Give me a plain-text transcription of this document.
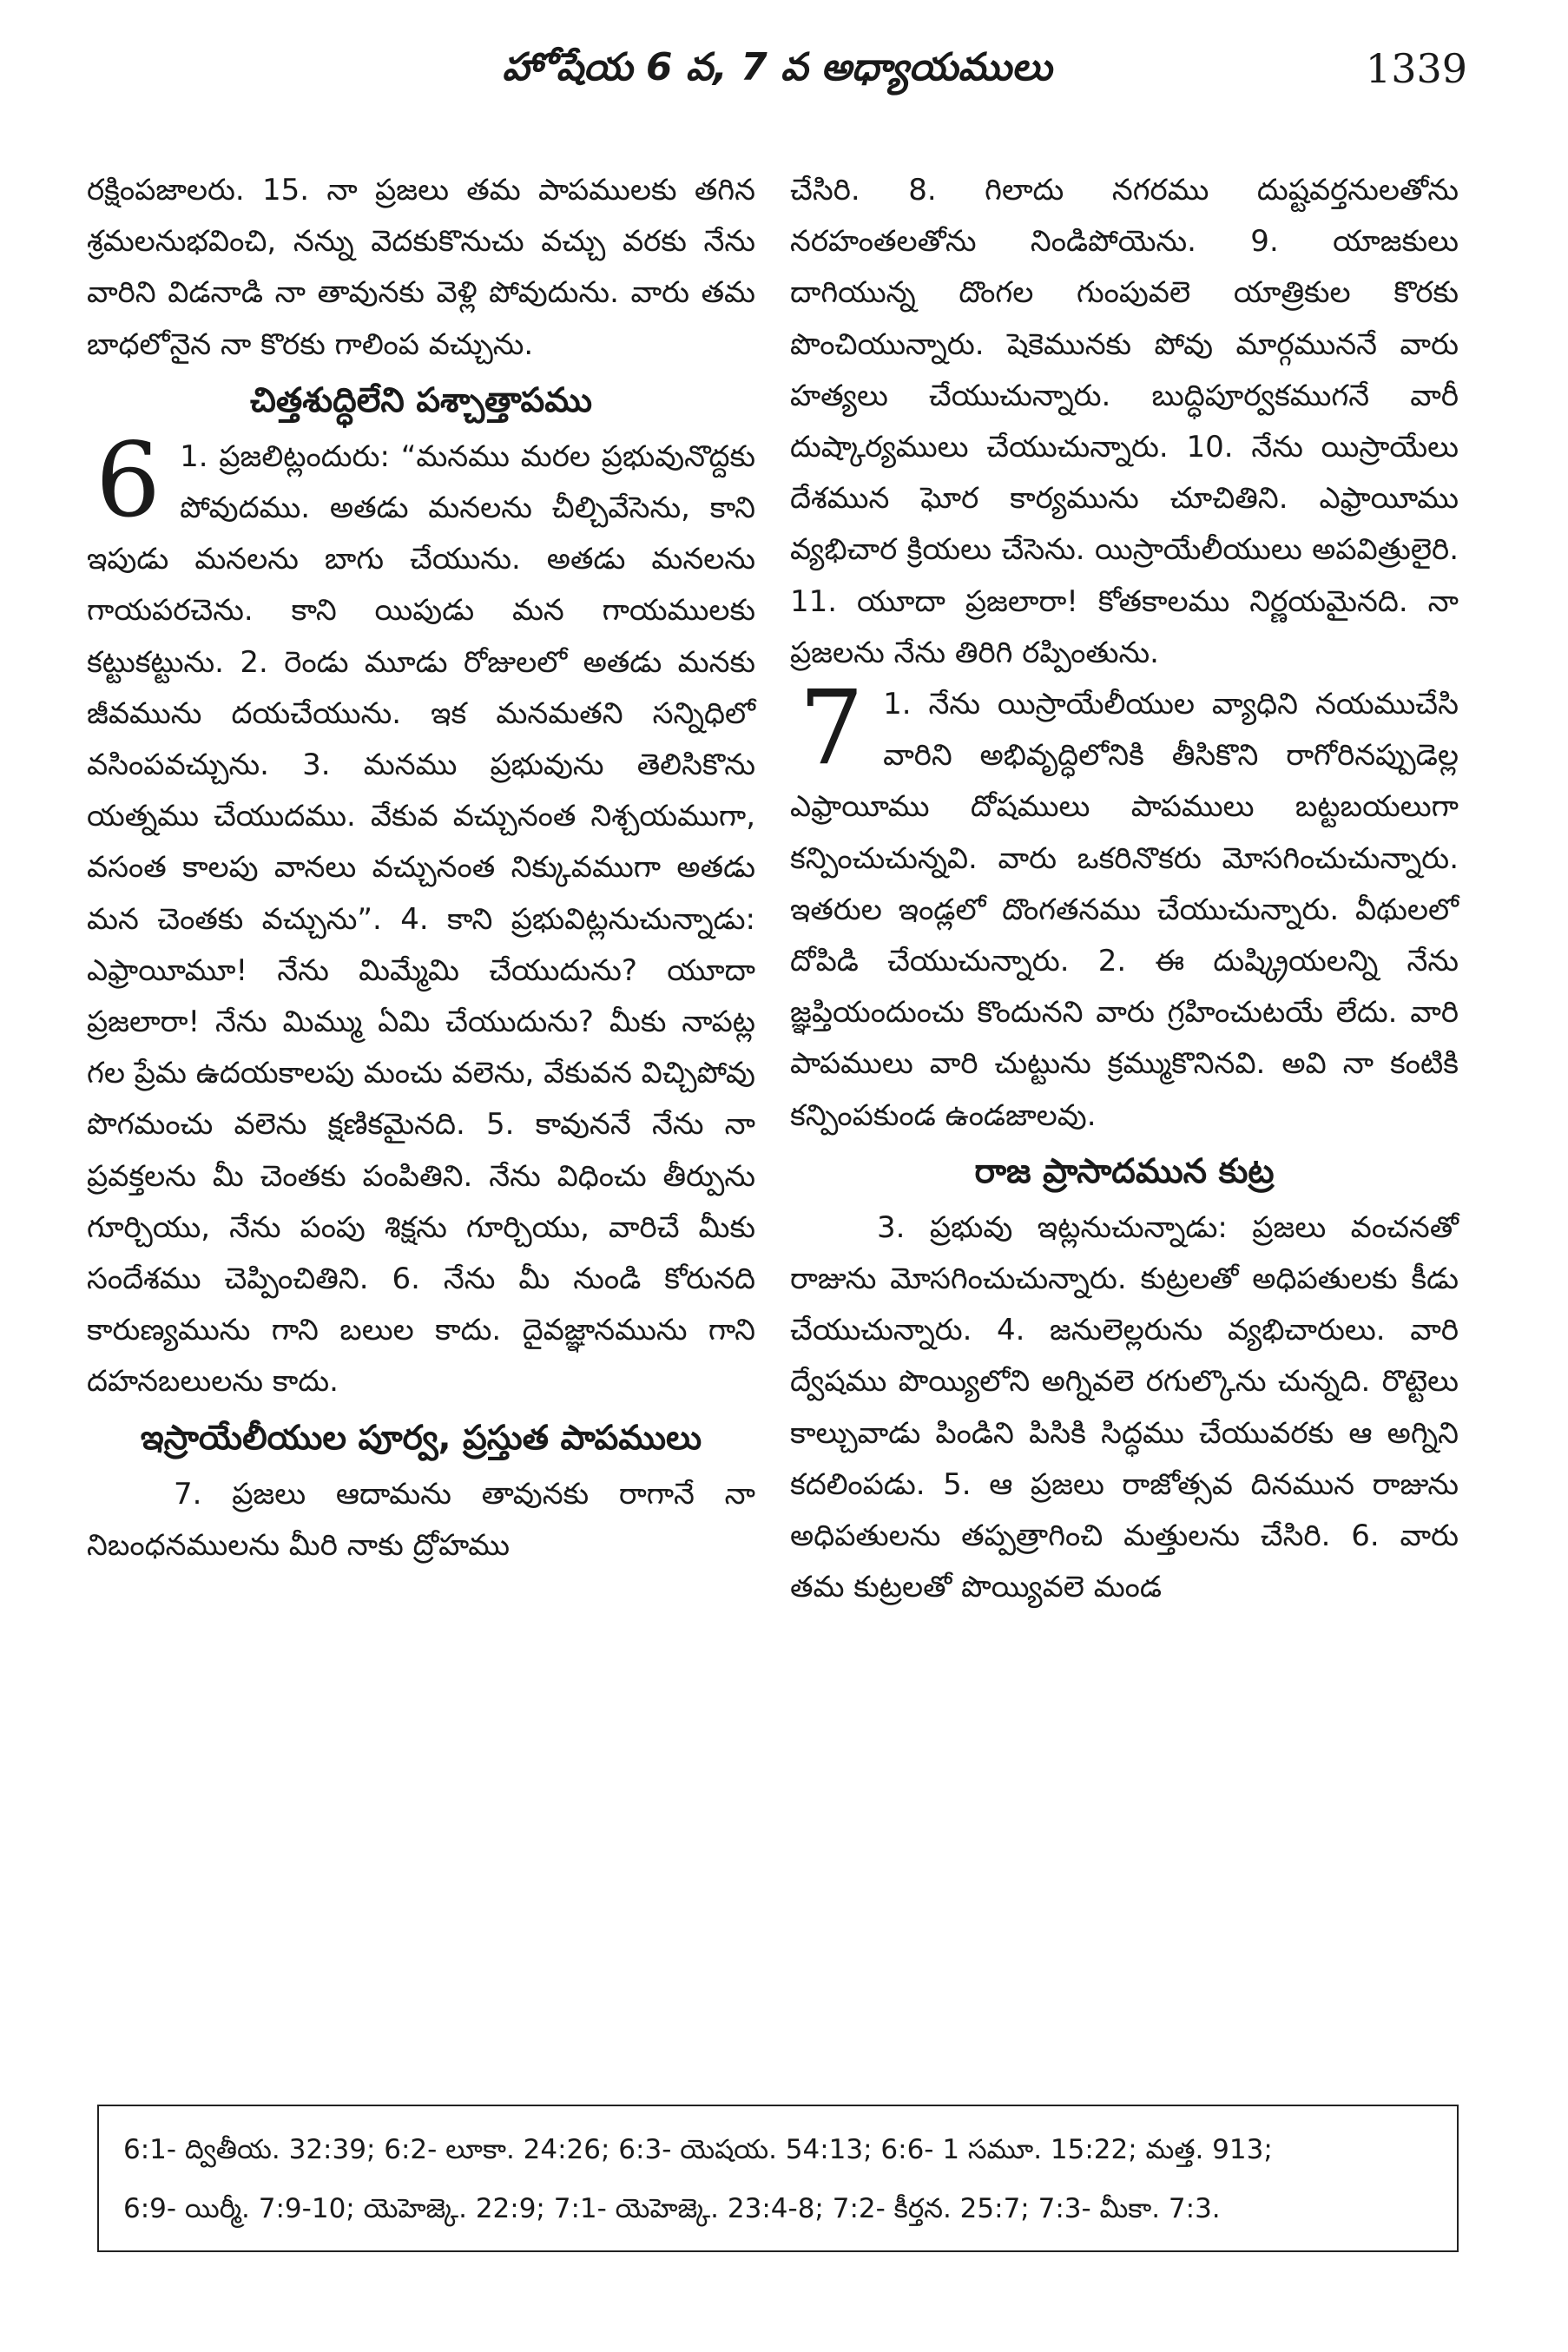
హోషేయ 6 వ, 7 వ అధ్యాయములు	1339

రక్షింపజాలరు. 15. నా ప్రజలు తమ పాపములకు తగిన శ్రమలనుభవించి, నన్ను వెదకుకొనుచు వచ్చు వరకు నేను వారిని విడనాడి నా తావునకు వెళ్లి పోవుదును. వారు తమ బాధలోనైన నా కొరకు గాలింప వచ్చును.

చిత్తశుద్ధిలేని పశ్చాత్తాపము
6 1. ప్రజలిట్లందురు: “మనము మరల ప్రభువునొద్దకు పోవుదము. అతడు మనలను చీల్చివేసెను, కాని ఇపుడు మనలను బాగు చేయును. అతడు మనలను గాయపరచెను. కాని యిపుడు మన గాయములకు కట్టుకట్టును. 2. రెండు మూడు రోజులలో అతడు మనకు జీవమును దయచేయును. ఇక మనమతని సన్నిధిలో వసింపవచ్చును. 3. మనము ప్రభువును తెలిసికొను యత్నము చేయుదము. వేకువ వచ్చునంత నిశ్చయముగా, వసంత కాలపు వానలు వచ్చునంత నిక్కువముగా అతడు మన చెంతకు వచ్చును”. 4. కాని ప్రభువిట్లనుచున్నాడు: ఎఫ్రాయీమూ! నేను మిమ్మేమి చేయుదును? యూదా ప్రజలారా! నేను మిమ్ము ఏమి చేయుదును? మీకు నాపట్ల గల ప్రేమ ఉదయకాలపు మంచు వలెను, వేకువన విచ్చిపోవు పొగమంచు వలెను క్షణికమైనది. 5. కావుననే నేను నా ప్రవక్తలను మీ చెంతకు పంపితిని. నేను విధించు తీర్పును గూర్చియు, నేను పంపు శిక్షను గూర్చియు, వారిచే మీకు సందేశము చెప్పించితిని. 6. నేను మీ నుండి కోరునది కారుణ్యమును గాని బలుల కాదు. దైవజ్ఞానమును గాని దహనబలులను కాదు.

ఇస్రాయేలీయుల పూర్వ, ప్రస్తుత పాపములు

7. ప్రజలు ఆదామను తావునకు రాగానే నా నిబంధనములను మీరి నాకు ద్రోహము

చేసిరి. 8. గిలాదు నగరము దుష్టవర్తనులతోను నరహంతలతోను నిండిపోయెను. 9. యాజకులు దాగియున్న దొంగల గుంపువలె యాత్రికుల కొరకు పొంచియున్నారు. షెకెమునకు పోవు మార్గముననే వారు హత్యలు చేయుచున్నారు. బుద్ధిపూర్వకముగనే వారీ దుష్కార్యములు చేయుచున్నారు. 10. నేను యిస్రాయేలు దేశమున ఘోర కార్యమును చూచితిని. ఎఫ్రాయీము వ్యభిచార క్రియలు చేసెను. యిస్రాయేలీయులు అపవిత్రులైరి. 11. యూదా ప్రజలారా! కోతకాలము నిర్ణయమైనది. నా ప్రజలను నేను తిరిగి రప్పింతును.

7 1. నేను యిస్రాయేలీయుల వ్యాధిని నయముచేసి వారిని అభివృద్ధిలోనికి తీసికొని రాగోరినప్పుడెల్ల ఎఫ్రాయీము దోషములు పాపములు బట్టబయలుగా కన్పించుచున్నవి. వారు ఒకరినొకరు మోసగించుచున్నారు. ఇతరుల ఇండ్లలో దొంగతనము చేయుచున్నారు. వీథులలో దోపిడి చేయుచున్నారు. 2. ఈ దుష్క్రియలన్ని నేను జ్ఞప్తియందుంచు కొందునని వారు గ్రహించుటయే లేదు. వారి పాపములు వారి చుట్టును క్రమ్ముకొనినవి. అవి నా కంటికి కన్పింపకుండ ఉండజాలవు.

రాజ ప్రాసాదమున కుట్ర

3. ప్రభువు ఇట్లనుచున్నాడు: ప్రజలు వంచనతో రాజును మోసగించుచున్నారు. కుట్రలతో అధిపతులకు కీడు చేయుచున్నారు. 4. జనులెల్లరును వ్యభిచారులు. వారి ద్వేషము పొయ్యిలోని అగ్నివలె రగుల్కొను చున్నది. రొట్టెలు కాల్చువాడు పిండిని పిసికి సిద్ధము చేయువరకు ఆ అగ్నిని కదలింపడు. 5. ఆ ప్రజలు రాజోత్సవ దినమున రాజును అధిపతులను తప్పత్రాగించి మత్తులను చేసిరి. 6. వారు తమ కుట్రలతో పొయ్యివలె మండ

6:1- ద్వితీయ. 32:39; 6:2- లూకా. 24:26; 6:3- యెషయ. 54:13; 6:6- 1 సమూ. 15:22; మత్త. 913;
6:9- యిర్మీ. 7:9-10; యెహెజ్కె. 22:9; 7:1- యెహెజ్కె. 23:4-8; 7:2- కీర్తన. 25:7; 7:3- మీకా. 7:3.
